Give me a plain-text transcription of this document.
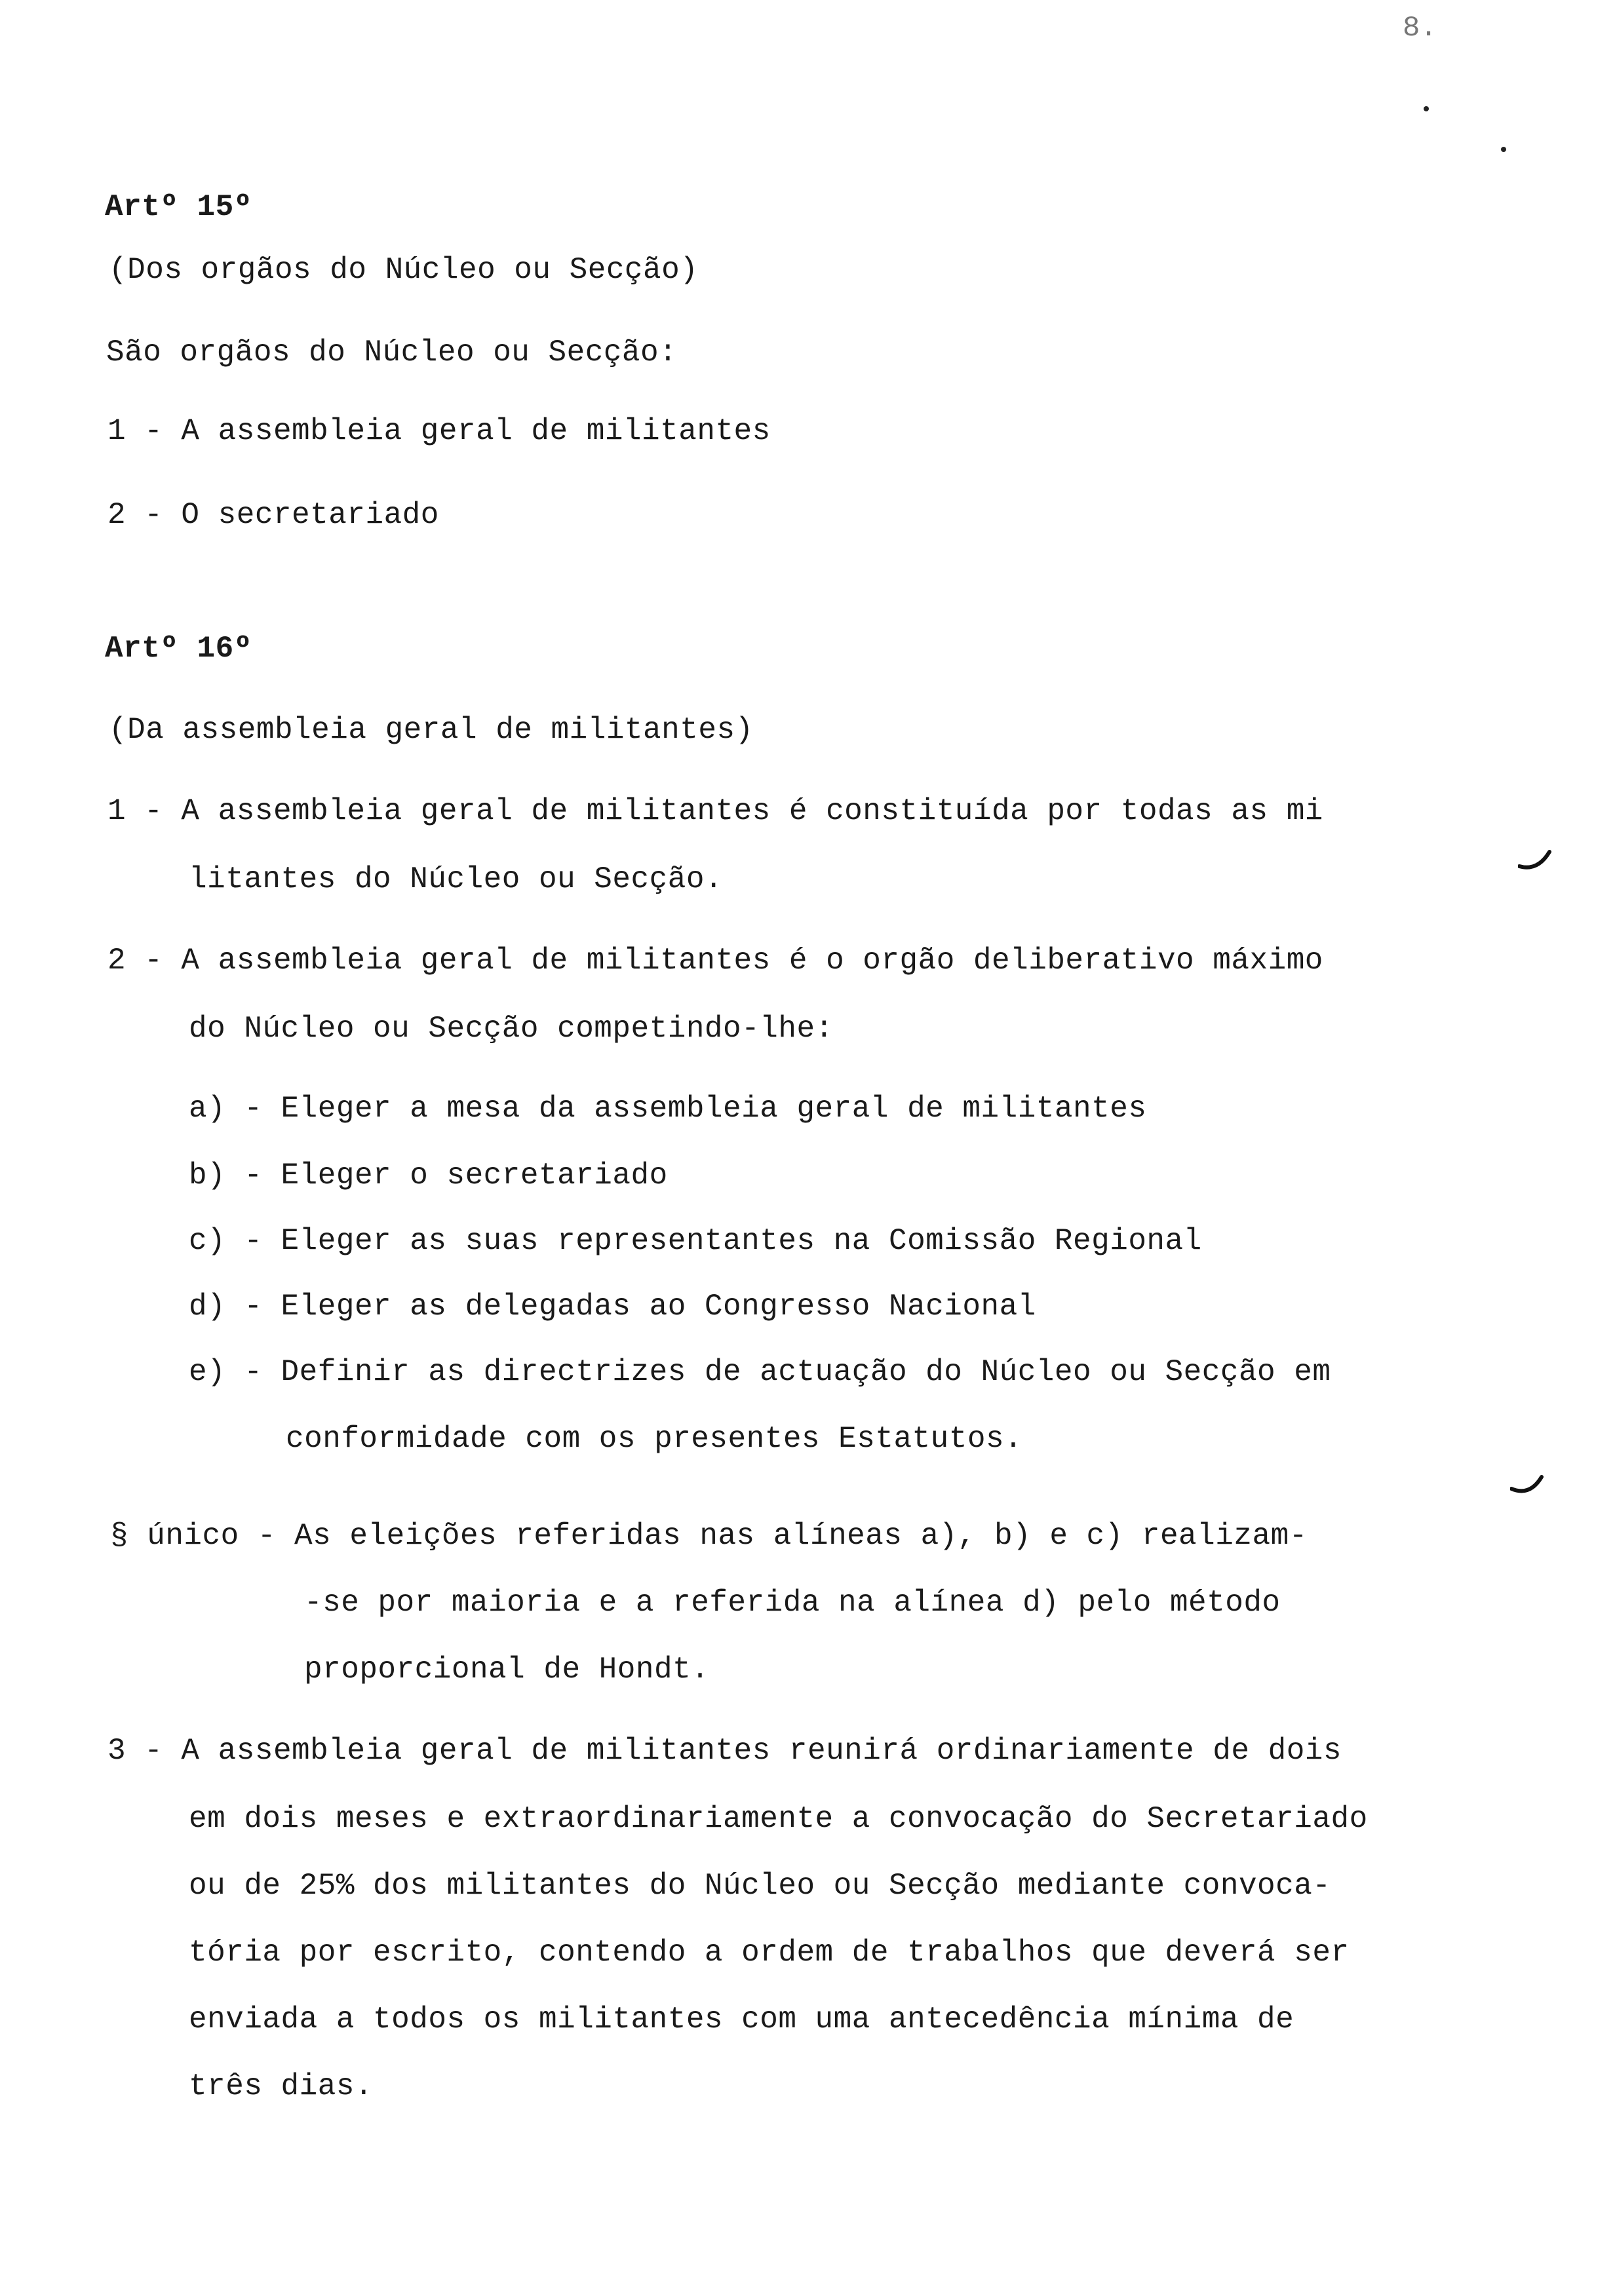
8.
Artº 15º
(Dos orgãos do Núcleo ou Secção)
São orgãos do Núcleo ou Secção:
1 - A assembleia geral de militantes
2 - O secretariado
Artº 16º
(Da assembleia geral de militantes)
1 - A assembleia geral de militantes é constituída por todas as mi
litantes do Núcleo ou Secção.
2 - A assembleia geral de militantes é o orgão deliberativo máximo
do Núcleo ou Secção competindo-lhe:
a) - Eleger a mesa da assembleia geral de militantes
b) - Eleger o secretariado
c) - Eleger as suas representantes na Comissão Regional
d) - Eleger as delegadas ao Congresso Nacional
e) - Definir as directrizes de actuação do Núcleo ou Secção em
conformidade com os presentes Estatutos.
§ único - As eleições referidas nas alíneas a), b) e c) realizam-
-se por maioria e a referida na alínea d) pelo método
proporcional de Hondt.
3 - A assembleia geral de militantes reunirá ordinariamente de dois
em dois meses e extraordinariamente a convocação do Secretariado
ou de 25% dos militantes do Núcleo ou Secção mediante convoca-
tória por escrito, contendo a ordem de trabalhos que deverá ser
enviada a todos os militantes com uma antecedência mínima de
três dias.
